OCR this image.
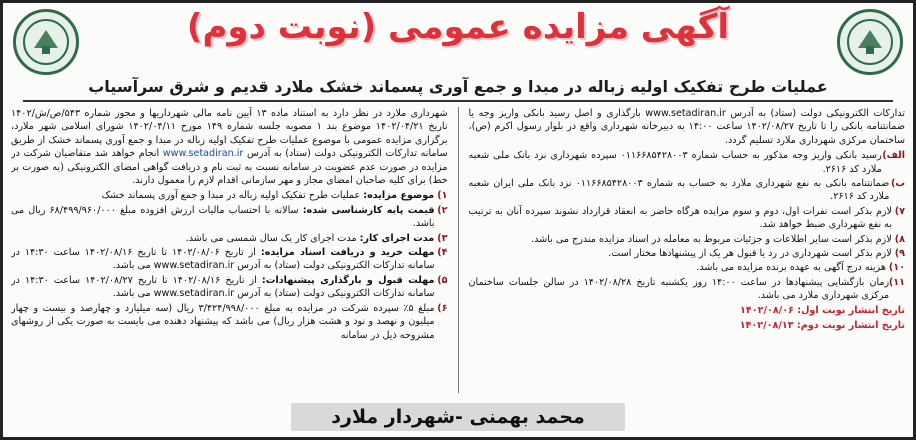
آگهی مزایده عمومی (نوبت دوم)
عملیات طرح تفکیک اولیه زباله در مبدا و جمع آوری پسماند خشک ملارد قدیم و شرق سرآسیاب

شهرداری ملارد در نظر دارد به استناد ماده ۱۳ آیین نامه مالی شهرداریها و مجوز شماره ۵۴۳/ص/ش/۱۴۰۲ تاریخ ۱۴۰۲/۰۴/۲۱ موضوع بند ۱ مصوبه جلسه شماره ۱۴۹ مورخ ۱۴۰۲/۰۴/۱۱ شورای اسلامی شهر ملارد، برگزاری مزایده عمومی با موضوع عملیات طرح تفکیک اولیه زباله در مبدا و جمع آوری پسماند خشک از طریق سامانه تدارکات الکترونیکی دولت (ستاد) به آدرس www.setadiran.ir انجام خواهد شد متقاضیان شرکت در مزایده در صورت عدم عضویت در سامانه نسبت به ثبت نام و دریافت گواهی امضای الکترونیکی (به صورت بر خط) برای کلیه صاحبان امضای مجاز و مهر سازمانی اقدام لازم را معمول دارند.

۱)
موضوع مزایده: عملیات طرح تفکیک اولیه زباله در مبدا و جمع آوری پسماند خشک
۲)
قیمت پایه کارشناسی شده: سالانه با احتساب مالیات ارزش افزوده مبلغ ۶۸/۴۹۹/۹۶۰/۰۰۰ ریال می باشد.
۳)
مدت اجرای کار: مدت اجرای کار یک سال شمسی می باشد.
۴)
مهلت خرید و دریافت اسناد مزایده: از تاریخ ۱۴۰۲/۰۸/۰۶ تا تاریخ ۱۴۰۲/۰۸/۱۶ ساعت ۱۴:۳۰ در سامانه تدارکات الکترونیکی دولت (ستاد) به آدرس www.setadiran.ir می باشد.
۵)
مهلت قبول و بارگذاری پیشنهادات: از تاریخ ۱۴۰۲/۰۸/۱۶ تا تاریخ ۱۴۰۲/۰۸/۲۷ ساعت ۱۴:۳۰ در سامانه تدارکات الکترونیکی دولت (ستاد) به آدرس www.setadiran.ir می باشد.
۶)
مبلغ ۵٪ سپرده شرکت در مزایده به مبلغ ۳/۴۲۴/۹۹۸/۰۰۰ ریال (سه میلیارد و چهارصد و بیست و چهار میلیون و نهصد و نود و هشت هزار ریال) می باشد که پیشنهاد دهنده می بایست به صورت یکی از روشهای مشروحه ذیل در سامانه

تدارکات الکترونیکی دولت (ستاد) به آدرس www.setadiran.ir بارگذاری و اصل رسید بانکی واریز وجه یا ضمانتنامه بانکی را تا تاریخ ۱۴۰۲/۰۸/۲۷ ساعت ۱۴:۰۰ به دبیرخانه شهرداری واقع در بلوار رسول اکرم (ص)، ساختمان مرکزی شهرداری ملارد تسلیم گردد.

الف)
رسید بانکی واریز وجه مذکور به حساب شماره ۰۱۱۶۶۸۵۴۲۸۰۰۳ سپرده شهرداری نزد بانک ملی شعبه ملارد کد ۲۶۱۶.
ب)
ضمانتنامه بانکی به نفع شهرداری ملارد به حساب به شماره ۰۱۱۶۶۸۵۴۲۸۰۰۳ نزد بانک ملی ایران شعبه ملارد کد ۲۶۱۶.
۷)
لازم بذکر است نفرات اول، دوم و سوم مزایده هرگاه حاضر به انعقاد قرارداد نشوند سپرده آنان به ترتیب به نفع شهرداری ضبط خواهد شد.
۸)
لازم بذکر است سایر اطلاعات و جزئیات مربوط به معامله در اسناد مزایده مندرج می باشد.
۹)
لازم بذکر است شهرداری در رد یا قبول هر یک از پیشنهادها مختار است.
۱۰)
هزینه درج آگهی به عهده برنده مزایده می باشد.
۱۱)
زمان بازگشایی پیشنهادها در ساعت ۱۴:۰۰ روز یکشنبه تاریخ ۱۴۰۲/۰۸/۲۸ در سالن جلسات ساختمان مرکزی شهرداری ملارد می باشد.

تاریخ انتشار نوبت اول: ۱۴۰۲/۰۸/۰۶

تاریخ انتشار نوبت دوم: ۱۴۰۲/۰۸/۱۳

محمد بهمنی -شهردار ملارد
